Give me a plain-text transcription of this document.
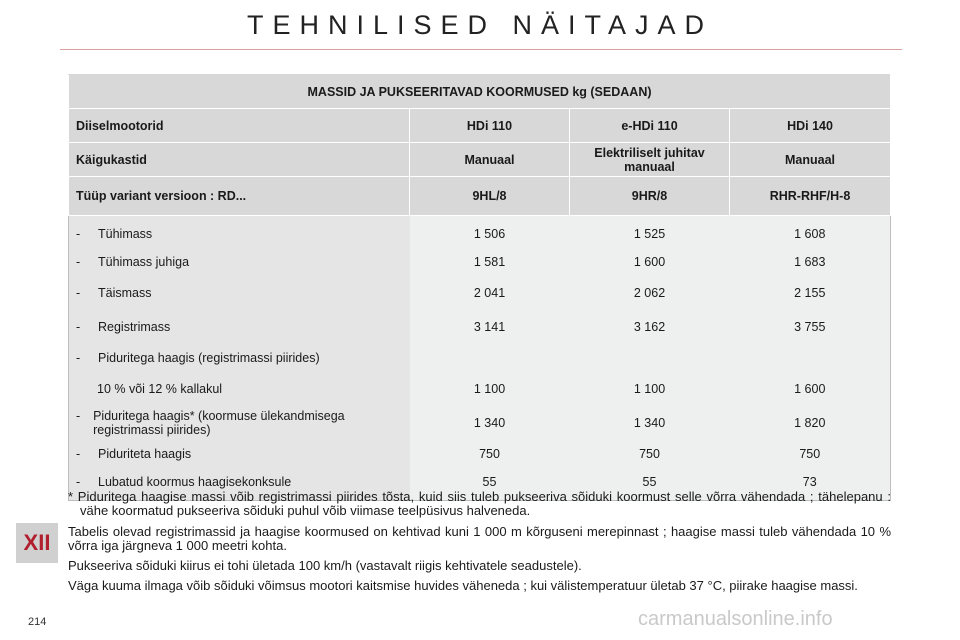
TEHNILISED NÄITAJAD
MASSID JA PUKSEERITAVAD KOORMUSED kg (SEDAAN)			
Diiselmootorid	HDi 110	e-HDi 110	HDi 140
Käigukastid	Manuaal	Elektriliselt juhitav manuaal	Manuaal
Tüüp variant versioon : RD...	9HL/8	9HR/8	RHR-RHF/H-8
- Tühimass	1 506	1 525	1 608
- Tühimass juhiga	1 581	1 600	1 683
- Täismass	2 041	2 062	2 155
- Registrimass	3 141	3 162	3 755
- Piduritega haagis (registrimassi piirides)			
10 % või 12 % kallakul	1 100	1 100	1 600

- Piduritega haagis* (koormuse ülekandmisega registrimassi piirides)	1 340	1 340	1 820
- Piduriteta haagis	750	750	750
- Lubatud koormus haagisekonksule	55	55	73

* Piduritega haagise massi võib registrimassi piirides tõsta, kuid siis tuleb pukseeriva sõiduki koormust selle võrra vähendada ; tähelepanu : vähe koormatud pukseeriva sõiduki puhul võib viimase teelpüsivus halveneda.

Tabelis olevad registrimassid ja haagise koormused on kehtivad kuni 1 000 m kõrguseni merepinnast ; haagise massi tuleb vähendada 10 % võrra iga järgneva 1 000 meetri kohta.

Pukseeriva sõiduki kiirus ei tohi ületada 100 km/h (vastavalt riigis kehtivatele seadustele).

Väga kuuma ilmaga võib sõiduki võimsus mootori kaitsmise huvides väheneda ; kui välistemperatuur ületab 37 °C, piirake haagise massi.

XII
214	carmanualsonline.info
